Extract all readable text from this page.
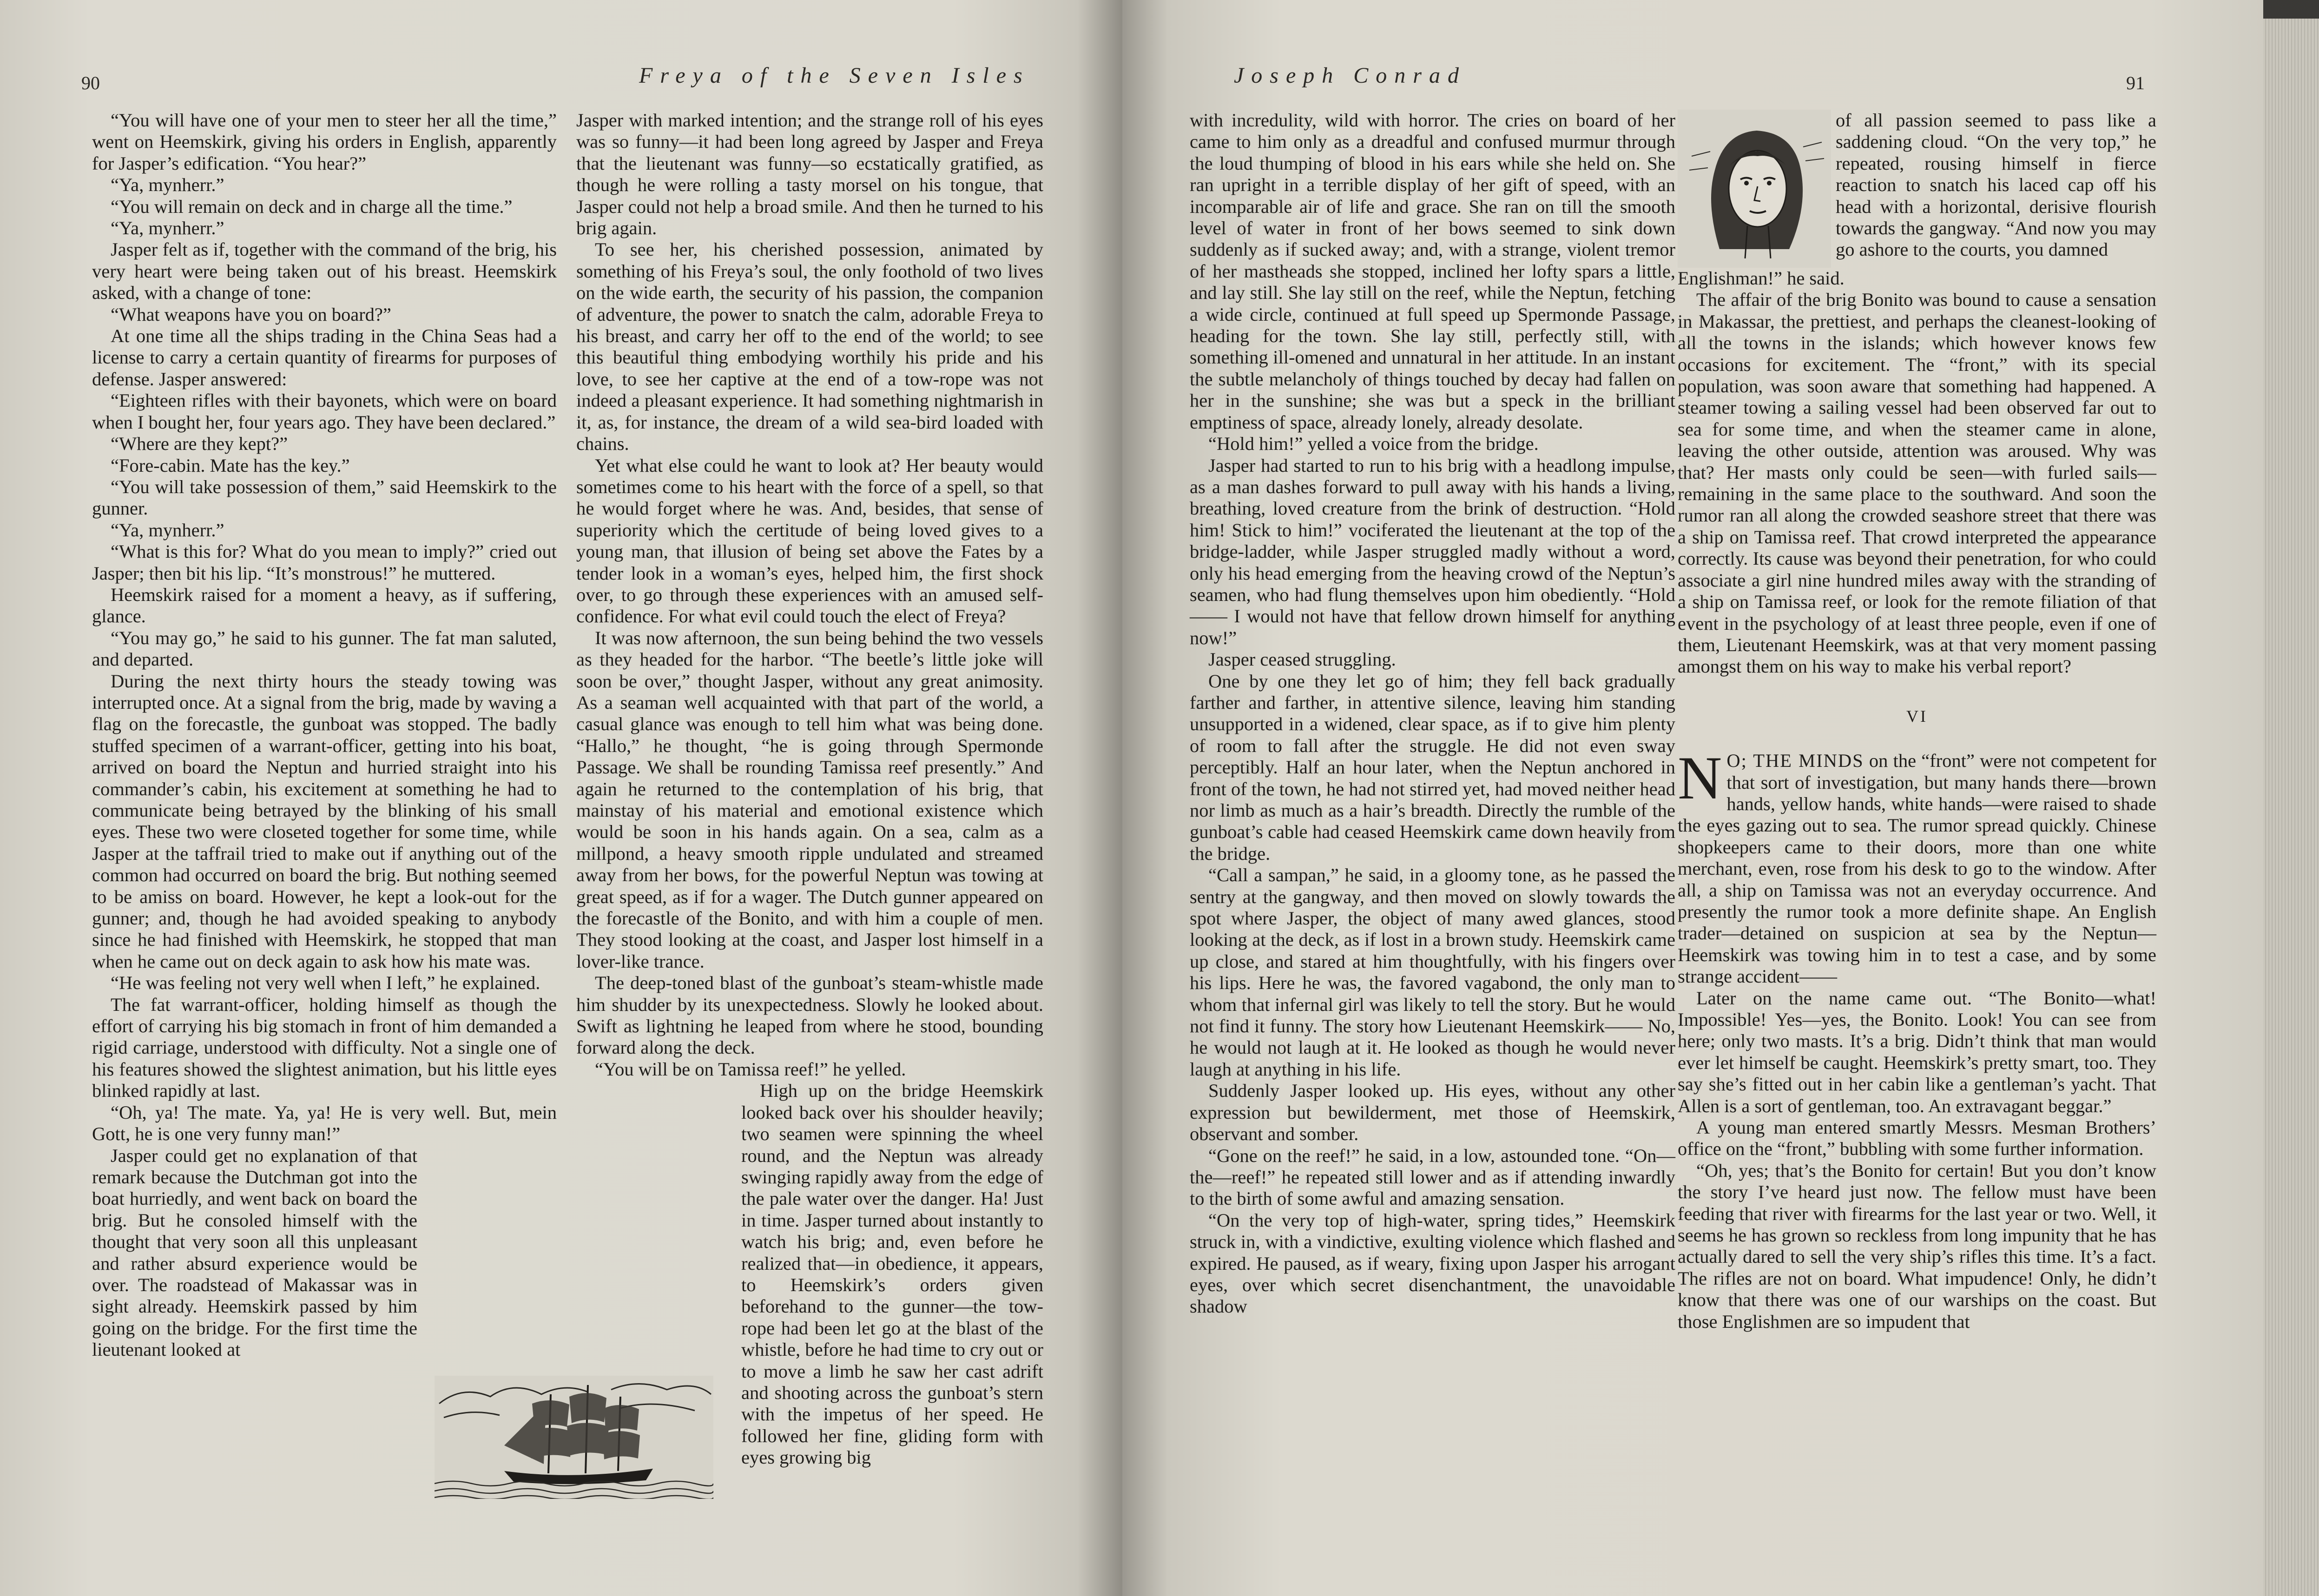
90	Freya of the Seven Isles

“You will have one of your men to steer her all the time,” went on Heemskirk, giving his orders in English, apparently for Jasper’s edification. “You hear?”

“Ya, mynherr.”

“You will remain on deck and in charge all the time.”

“Ya, mynherr.”

Jasper felt as if, together with the command of the brig, his very heart were being taken out of his breast. Heemskirk asked, with a change of tone:

“What weapons have you on board?”

At one time all the ships trading in the China Seas had a license to carry a certain quantity of firearms for purposes of defense. Jasper answered:

“Eighteen rifles with their bayonets, which were on board when I bought her, four years ago. They have been declared.”

“Where are they kept?”

“Fore-cabin. Mate has the key.”

“You will take possession of them,” said Heemskirk to the gunner.

“Ya, mynherr.”

“What is this for? What do you mean to imply?” cried out Jasper; then bit his lip. “It’s monstrous!” he muttered.

Heemskirk raised for a moment a heavy, as if suffering, glance.

“You may go,” he said to his gunner. The fat man saluted, and departed.

During the next thirty hours the steady towing was interrupted once. At a signal from the brig, made by waving a flag on the forecastle, the gunboat was stopped. The badly stuffed specimen of a warrant-officer, getting into his boat, arrived on board the Neptun and hurried straight into his commander’s cabin, his excitement at something he had to communicate being betrayed by the blinking of his small eyes. These two were closeted together for some time, while Jasper at the taffrail tried to make out if anything out of the common had occurred on board the brig. But nothing seemed to be amiss on board. However, he kept a look-out for the gunner; and, though he had avoided speaking to anybody since he had finished with Heemskirk, he stopped that man when he came out on deck again to ask how his mate was.

“He was feeling not very well when I left,” he explained.

The fat warrant-officer, holding himself as though the effort of carrying his big stomach in front of him demanded a rigid carriage, understood with difficulty. Not a single one of his features showed the slightest animation, but his little eyes blinked rapidly at last.

“Oh, ya! The mate. Ya, ya! He is very well. But, mein Gott, he is one very funny man!”

Jasper could get no explanation of that remark because the Dutchman got into the boat hurriedly, and went back on board the brig. But he consoled himself with the thought that very soon all this unpleasant and rather absurd experience would be over. The roadstead of Makassar was in sight already. Heemskirk passed by him going on the bridge. For the first time the lieutenant looked at

Jasper with marked intention; and the strange roll of his eyes was so funny—it had been long agreed by Jasper and Freya that the lieutenant was funny—so ecstatically gratified, as though he were rolling a tasty morsel on his tongue, that Jasper could not help a broad smile. And then he turned to his brig again.

To see her, his cherished possession, animated by something of his Freya’s soul, the only foothold of two lives on the wide earth, the security of his passion, the companion of adventure, the power to snatch the calm, adorable Freya to his breast, and carry her off to the end of the world; to see this beautiful thing embodying worthily his pride and his love, to see her captive at the end of a tow-rope was not indeed a pleasant experience. It had something nightmarish in it, as, for instance, the dream of a wild sea-bird loaded with chains.

Yet what else could he want to look at? Her beauty would sometimes come to his heart with the force of a spell, so that he would forget where he was. And, besides, that sense of superiority which the certitude of being loved gives to a young man, that illusion of being set above the Fates by a tender look in a woman’s eyes, helped him, the first shock over, to go through these experiences with an amused self-confidence. For what evil could touch the elect of Freya?

It was now afternoon, the sun being behind the two vessels as they headed for the harbor. “The beetle’s little joke will soon be over,” thought Jasper, without any great animosity. As a seaman well acquainted with that part of the world, a casual glance was enough to tell him what was being done. “Hallo,” he thought, “he is going through Spermonde Passage. We shall be rounding Tamissa reef presently.” And again he returned to the contemplation of his brig, that mainstay of his material and emotional existence which would be soon in his hands again. On a sea, calm as a millpond, a heavy smooth ripple undulated and streamed away from her bows, for the powerful Neptun was towing at great speed, as if for a wager. The Dutch gunner appeared on the forecastle of the Bonito, and with him a couple of men. They stood looking at the coast, and Jasper lost himself in a lover-like trance.

The deep-toned blast of the gunboat’s steam-whistle made him shudder by its unexpectedness. Slowly he looked about. Swift as lightning he leaped from where he stood, bounding forward along the deck.

“You will be on Tamissa reef!” he yelled.

High up on the bridge Heemskirk looked back over his shoulder heavily; two seamen were spinning the wheel round, and the Neptun was already swinging rapidly away from the edge of the pale water over the danger. Ha! Just in time. Jasper turned about instantly to watch his brig; and, even before he realized that—in obedience, it appears, to Heemskirk’s orders given beforehand to the gunner—the tow-rope had been let go at the blast of the whistle, before he had time to cry out or to move a limb he saw her cast adrift and shooting across the gunboat’s stern with the impetus of her speed. He followed her fine, gliding form with eyes growing big

Joseph Conrad	91

with incredulity, wild with horror. The cries on board of her came to him only as a dreadful and confused murmur through the loud thumping of blood in his ears while she held on. She ran upright in a terrible display of her gift of speed, with an incomparable air of life and grace. She ran on till the smooth level of water in front of her bows seemed to sink down suddenly as if sucked away; and, with a strange, violent tremor of her mastheads she stopped, inclined her lofty spars a little, and lay still. She lay still on the reef, while the Neptun, fetching a wide circle, continued at full speed up Spermonde Passage, heading for the town. She lay still, perfectly still, with something ill-omened and unnatural in her attitude. In an instant the subtle melancholy of things touched by decay had fallen on her in the sunshine; she was but a speck in the brilliant emptiness of space, already lonely, already desolate.

“Hold him!” yelled a voice from the bridge.

Jasper had started to run to his brig with a headlong impulse, as a man dashes forward to pull away with his hands a living, breathing, loved creature from the brink of destruction. “Hold him! Stick to him!” vociferated the lieutenant at the top of the bridge-ladder, while Jasper struggled madly without a word, only his head emerging from the heaving crowd of the Neptun’s seamen, who had flung themselves upon him obediently. “Hold—— I would not have that fellow drown himself for anything now!”

Jasper ceased struggling.

One by one they let go of him; they fell back gradually farther and farther, in attentive silence, leaving him standing unsupported in a widened, clear space, as if to give him plenty of room to fall after the struggle. He did not even sway perceptibly. Half an hour later, when the Neptun anchored in front of the town, he had not stirred yet, had moved neither head nor limb as much as a hair’s breadth. Directly the rumble of the gunboat’s cable had ceased Heemskirk came down heavily from the bridge.

“Call a sampan,” he said, in a gloomy tone, as he passed the sentry at the gangway, and then moved on slowly towards the spot where Jasper, the object of many awed glances, stood looking at the deck, as if lost in a brown study. Heemskirk came up close, and stared at him thoughtfully, with his fingers over his lips. Here he was, the favored vagabond, the only man to whom that infernal girl was likely to tell the story. But he would not find it funny. The story how Lieutenant Heemskirk—— No, he would not laugh at it. He looked as though he would never laugh at anything in his life.

Suddenly Jasper looked up. His eyes, without any other expression but bewilderment, met those of Heemskirk, observant and somber.

“Gone on the reef!” he said, in a low, astounded tone. “On—the—reef!” he repeated still lower and as if attending inwardly to the birth of some awful and amazing sensation.

“On the very top of high-water, spring tides,” Heemskirk struck in, with a vindictive, exulting violence which flashed and expired. He paused, as if weary, fixing upon Jasper his arrogant eyes, over which secret disenchantment, the unavoidable shadow

of all passion seemed to pass like a saddening cloud. “On the very top,” he repeated, rousing himself in fierce reaction to snatch his laced cap off his head with a horizontal, derisive flourish towards the gangway. “And now you may go ashore to the courts, you damned

Englishman!” he said.

The affair of the brig Bonito was bound to cause a sensation in Makassar, the prettiest, and perhaps the cleanest-looking of all the towns in the islands; which however knows few occasions for excitement. The “front,” with its special population, was soon aware that something had happened. A steamer towing a sailing vessel had been observed far out to sea for some time, and when the steamer came in alone, leaving the other outside, attention was aroused. Why was that? Her masts only could be seen—with furled sails—remaining in the same place to the southward. And soon the rumor ran all along the crowded seashore street that there was a ship on Tamissa reef. That crowd interpreted the appearance correctly. Its cause was beyond their penetration, for who could associate a girl nine hundred miles away with the stranding of a ship on Tamissa reef, or look for the remote filiation of that event in the psychology of at least three people, even if one of them, Lieutenant Heemskirk, was at that very moment passing amongst them on his way to make his verbal report?

VI

N O; THE MINDS on the “front” were not competent for that sort of investigation, but many hands there—brown hands, yellow hands, white hands—were raised to shade the eyes gazing out to sea. The rumor spread quickly. Chinese shopkeepers came to their doors, more than one white merchant, even, rose from his desk to go to the window. After all, a ship on Tamissa was not an everyday occurrence. And presently the rumor took a more definite shape. An English trader—detained on suspicion at sea by the Neptun—Heemskirk was towing him in to test a case, and by some strange accident——

Later on the name came out. “The Bonito—what! Impossible! Yes—yes, the Bonito. Look! You can see from here; only two masts. It’s a brig. Didn’t think that man would ever let himself be caught. Heemskirk’s pretty smart, too. They say she’s fitted out in her cabin like a gentleman’s yacht. That Allen is a sort of gentleman, too. An extravagant beggar.”

A young man entered smartly Messrs. Mesman Brothers’ office on the “front,” bubbling with some further information.

“Oh, yes; that’s the Bonito for certain! But you don’t know the story I’ve heard just now. The fellow must have been feeding that river with firearms for the last year or two. Well, it seems he has grown so reckless from long impunity that he has actually dared to sell the very ship’s rifles this time. It’s a fact. The rifles are not on board. What impudence! Only, he didn’t know that there was one of our warships on the coast. But those Englishmen are so impudent that
